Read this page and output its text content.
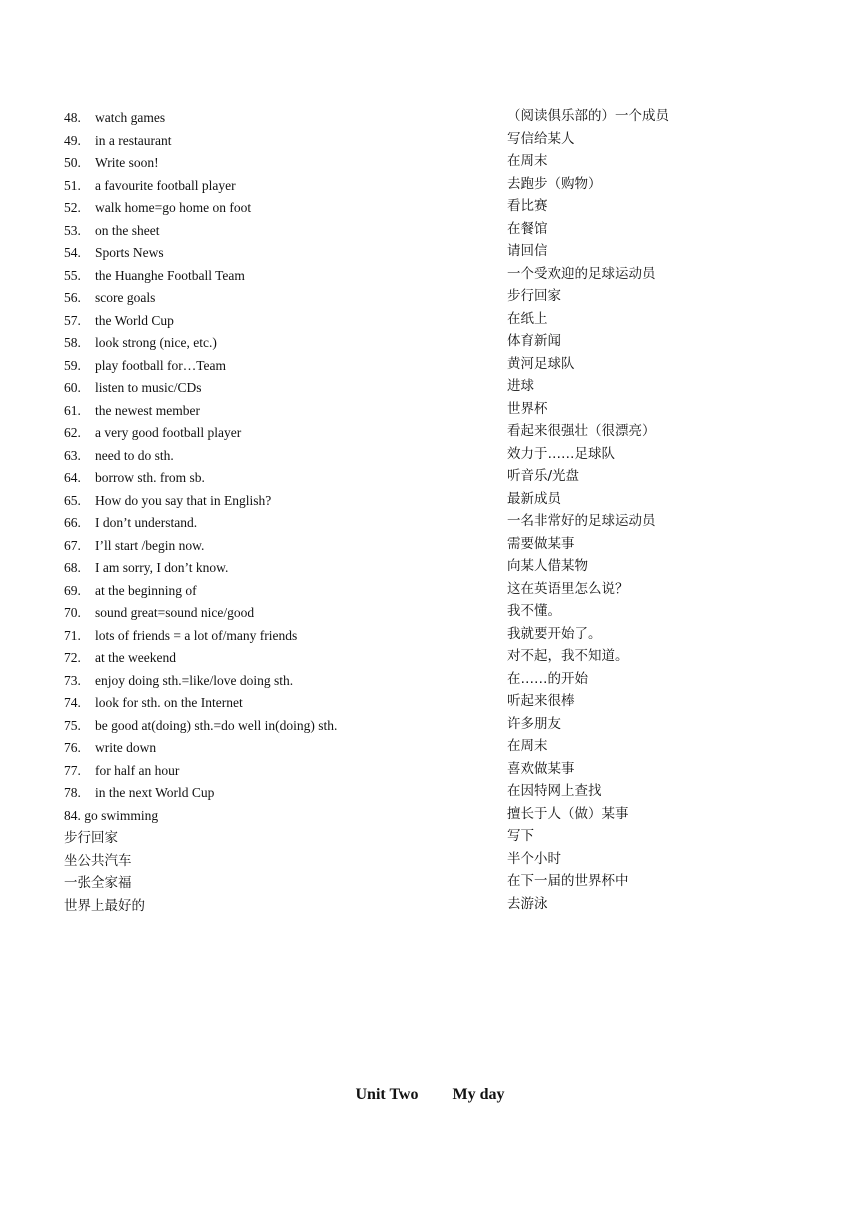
48. watch games
49. in a restaurant
50. Write soon!
51. a favourite football player
52. walk home=go home on foot
53. on the sheet
54. Sports News
55. the Huanghe Football Team
56. score goals
57. the World Cup
58. look strong (nice, etc.)
59. play football for…Team
60. listen to music/CDs
61. the newest member
62. a very good football player
63. need to do sth.
64. borrow sth. from sb.
65. How do you say that in English?
66. I don’t understand.
67. I’ll start /begin now.
68. I am sorry, I don’t know.
69. at the beginning of
70. sound great=sound nice/good
71. lots of friends = a lot of/many friends
72. at the weekend
73. enjoy doing sth.=like/love doing sth.
74. look for sth. on the Internet
75. be good at(doing) sth.=do well in(doing) sth.
76. write down
77. for half an hour
78. in the next World Cup
84. go swimming
步行回家
坐公共汽车
一张全家福
世界上最好的
（阅读俱乐部的）一个成员
写信给某人
在周末
去跑步（购物）
看比赛
在餐馆
请回信
一个受欢迎的足球运动员
步行回家
在纸上
体育新闻
黄河足球队
进球
世界杯
看起来很强壮（很漂亮）
效力于……足球队
听音乐/光盘
最新成员
一名非常好的足球运动员
需要做某事
向某人借某物
这在英语里怎么说？
我不懂。
我就要开始了。
对不起，我不知道。
在……的开始
听起来很棒
许多朋友
在周末
喜欢做某事
在因特网上查找
擅长于人（做）某事
写下
半个小时
在下一届的世界杯中
去游泳
Unit Two My day
